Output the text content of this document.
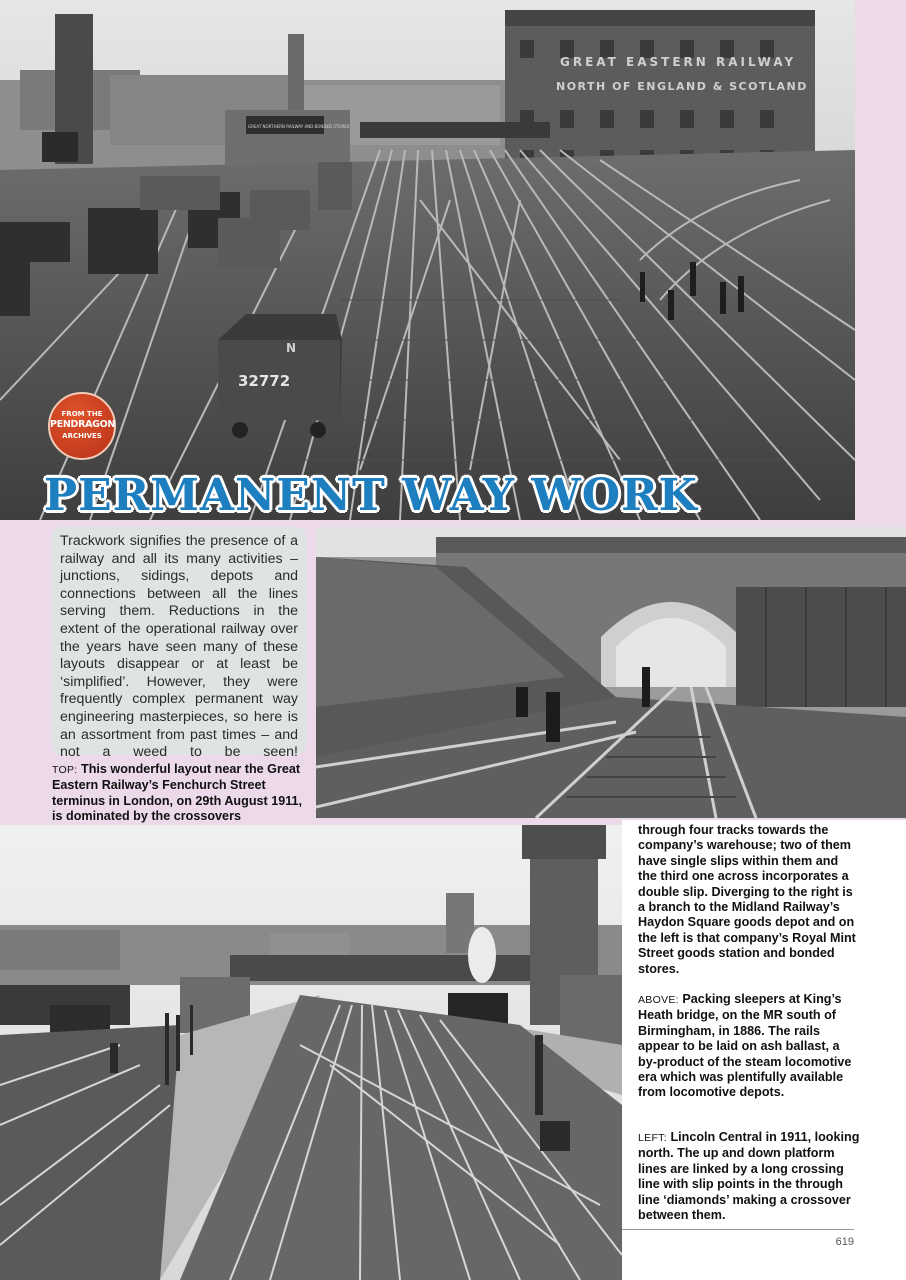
GREAT EASTERN RAILWAY
NORTH OF ENGLAND & SCOTLAND
GREAT NORTHERN RAILWAY AND BONDED STORES
32772
N
FROM THE
PENDRAGON
ARCHIVES
PERMANENT WAY WORK
Trackwork signifies the presence of a railway and all its many activities – junctions, sidings, depots and connections between all the lines serving them. Reductions in the extent of the operational railway over the years have seen many of these layouts disappear or at least be ‘simplified’. However, they were frequently complex permanent way engineering masterpieces, so here is an assortment from past times – and not a weed to be seen!
TOP: This wonderful layout near the Great Eastern Railway’s Fenchurch Street terminus in London, on 29th August 1911, is dominated by the crossovers
through four tracks towards the company’s warehouse; two of them have single slips within them and the third one across incorporates a double slip. Diverging to the right is a branch to the Midland Railway’s Haydon Square goods depot and on the left is that company’s Royal Mint Street goods station and bonded stores.
ABOVE: Packing sleepers at King’s Heath bridge, on the MR south of Birmingham, in 1886. The rails appear to be laid on ash ballast, a by-product of the steam locomotive era which was plentifully available from locomotive depots.
LEFT: Lincoln Central in 1911, looking north. The up and down platform lines are linked by a long crossing line with slip points in the through line ‘diamonds’ making a crossover between them.
619
